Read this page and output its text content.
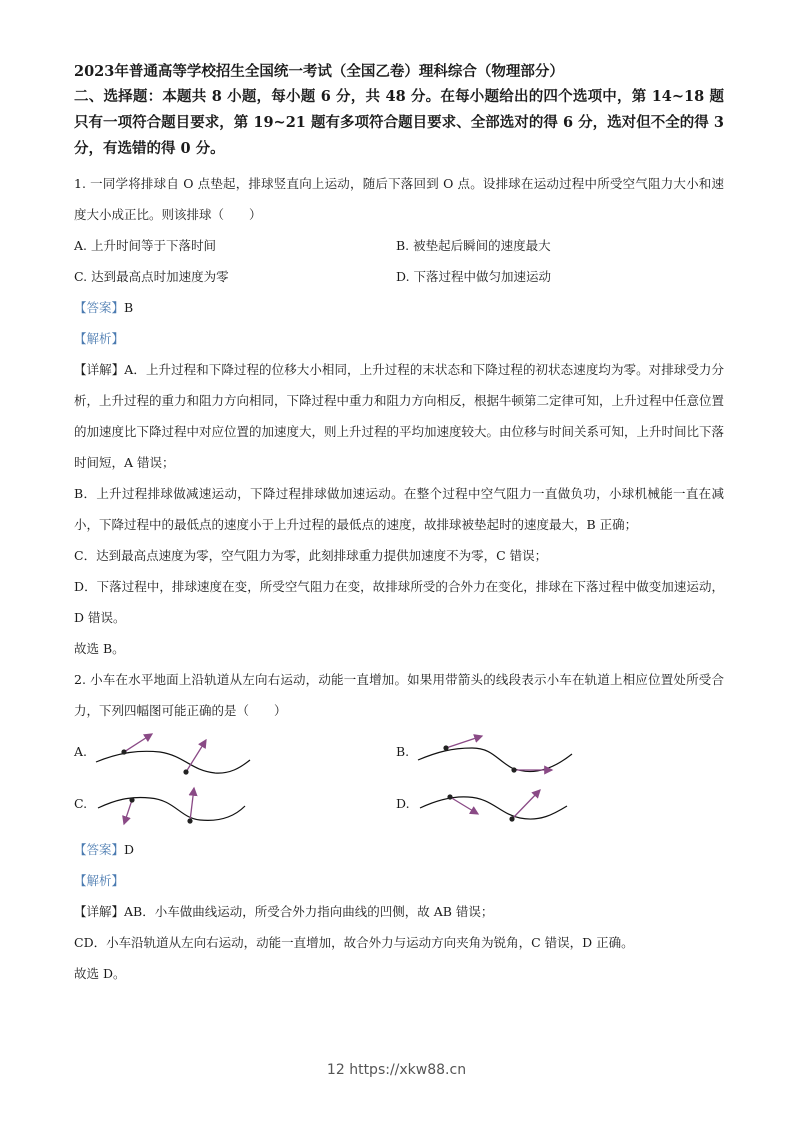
2023年普通高等学校招生全国统一考试（全国乙卷）理科综合（物理部分）
二、选择题：本题共 8 小题，每小题 6 分，共 48 分。在每小题给出的四个选项中，第 14~18 题只有一项符合题目要求，第 19~21 题有多项符合题目要求、全部选对的得 6 分，选对但不全的得 3 分，有选错的得 0 分。

1. 一同学将排球自 O 点垫起，排球竖直向上运动，随后下落回到 O 点。设排球在运动过程中所受空气阻力大小和速度大小成正比。则该排球（　　）

A. 上升时间等于下落时间	B. 被垫起后瞬间的速度最大
C. 达到最高点时加速度为零	D. 下落过程中做匀加速运动

【答案】B

【解析】

【详解】A．上升过程和下降过程的位移大小相同，上升过程的末状态和下降过程的初状态速度均为零。对排球受力分析，上升过程的重力和阻力方向相同，下降过程中重力和阻力方向相反，根据牛顿第二定律可知，上升过程中任意位置的加速度比下降过程中对应位置的加速度大，则上升过程的平均加速度较大。由位移与时间关系可知，上升时间比下落时间短，A 错误；

B．上升过程排球做减速运动，下降过程排球做加速运动。在整个过程中空气阻力一直做负功，小球机械能一直在减小，下降过程中的最低点的速度小于上升过程的最低点的速度，故排球被垫起时的速度最大，B 正确；

C．达到最高点速度为零，空气阻力为零，此刻排球重力提供加速度不为零，C 错误；

D．下落过程中，排球速度在变，所受空气阻力在变，故排球所受的合外力在变化，排球在下落过程中做变加速运动，D 错误。

故选 B。

2. 小车在水平地面上沿轨道从左向右运动，动能一直增加。如果用带箭头的线段表示小车在轨道上相应位置处所受合力，下列四幅图可能正确的是（　　）

A.	B.
C.	D.

【答案】D

【解析】

【详解】AB．小车做曲线运动，所受合外力指向曲线的凹侧，故 AB 错误；

CD．小车沿轨道从左向右运动，动能一直增加，故合外力与运动方向夹角为锐角，C 错误，D 正确。

故选 D。

12 https://xkw88.cn
